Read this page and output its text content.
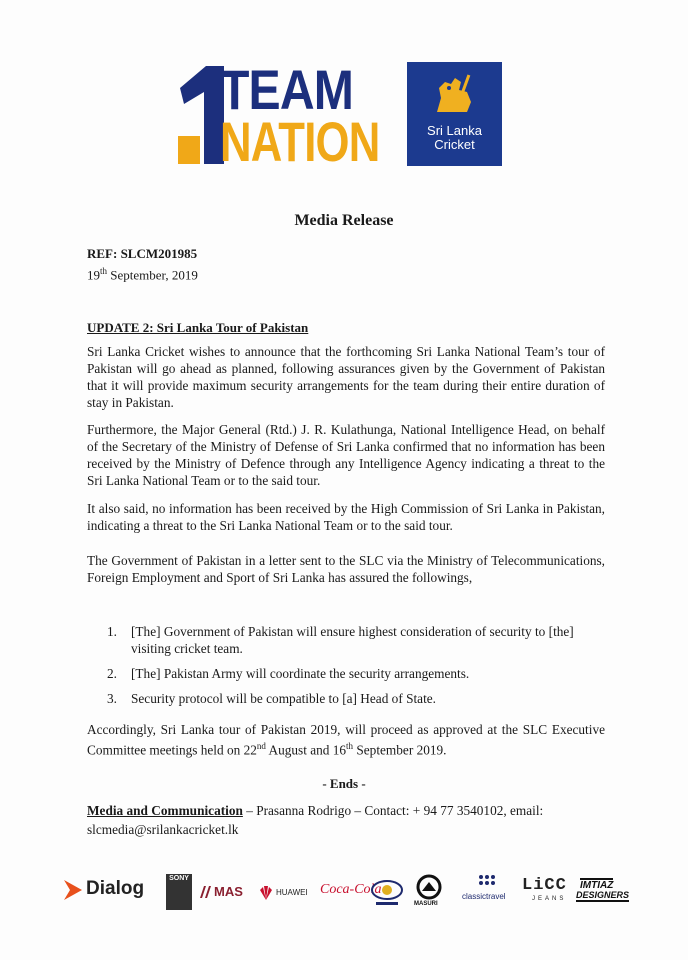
TEAM
NATION	Sri Lanka
Cricket
Media Release
REF: SLCM201985
19th September, 2019
UPDATE 2: Sri Lanka Tour of Pakistan
Sri Lanka Cricket wishes to announce that the forthcoming Sri Lanka National Team’s tour of Pakistan will go ahead as planned, following assurances given by the Government of Pakistan that it will provide maximum security arrangements for the team during their entire duration of stay in Pakistan.
Furthermore, the Major General (Rtd.) J. R. Kulathunga, National Intelligence Head, on behalf of the Secretary of the Ministry of Defense of Sri Lanka confirmed that no information has been received by the Ministry of Defence through any Intelligence Agency indicating a threat to the Sri Lanka National Team or to the said tour.
It also said, no information has been received by the High Commission of Sri Lanka in Pakistan, indicating a threat to the Sri Lanka National Team or to the said tour.
The Government of Pakistan in a letter sent to the SLC via the Ministry of Telecommunications, Foreign Employment and Sport of Sri Lanka has assured the followings,
1. [The] Government of Pakistan will ensure highest consideration of security to [the] visiting cricket team.
2. [The] Pakistan Army will coordinate the security arrangements.
3. Security protocol will be compatible to [a] Head of State.
Accordingly, Sri Lanka tour of Pakistan 2019, will proceed as approved at the SLC Executive Committee meetings held on 22nd August and 16th September 2019.
- Ends -
Media and Communication – Prasanna Rodrigo – Contact: + 94 77 3540102, email: slcmedia@srilankacricket.lk
Dialog	SONY
MAS	HUAWEI Coca-Cola
MASURI
classictravel
LiCC
JEANS
IMTIAZ
DESIGNERS
